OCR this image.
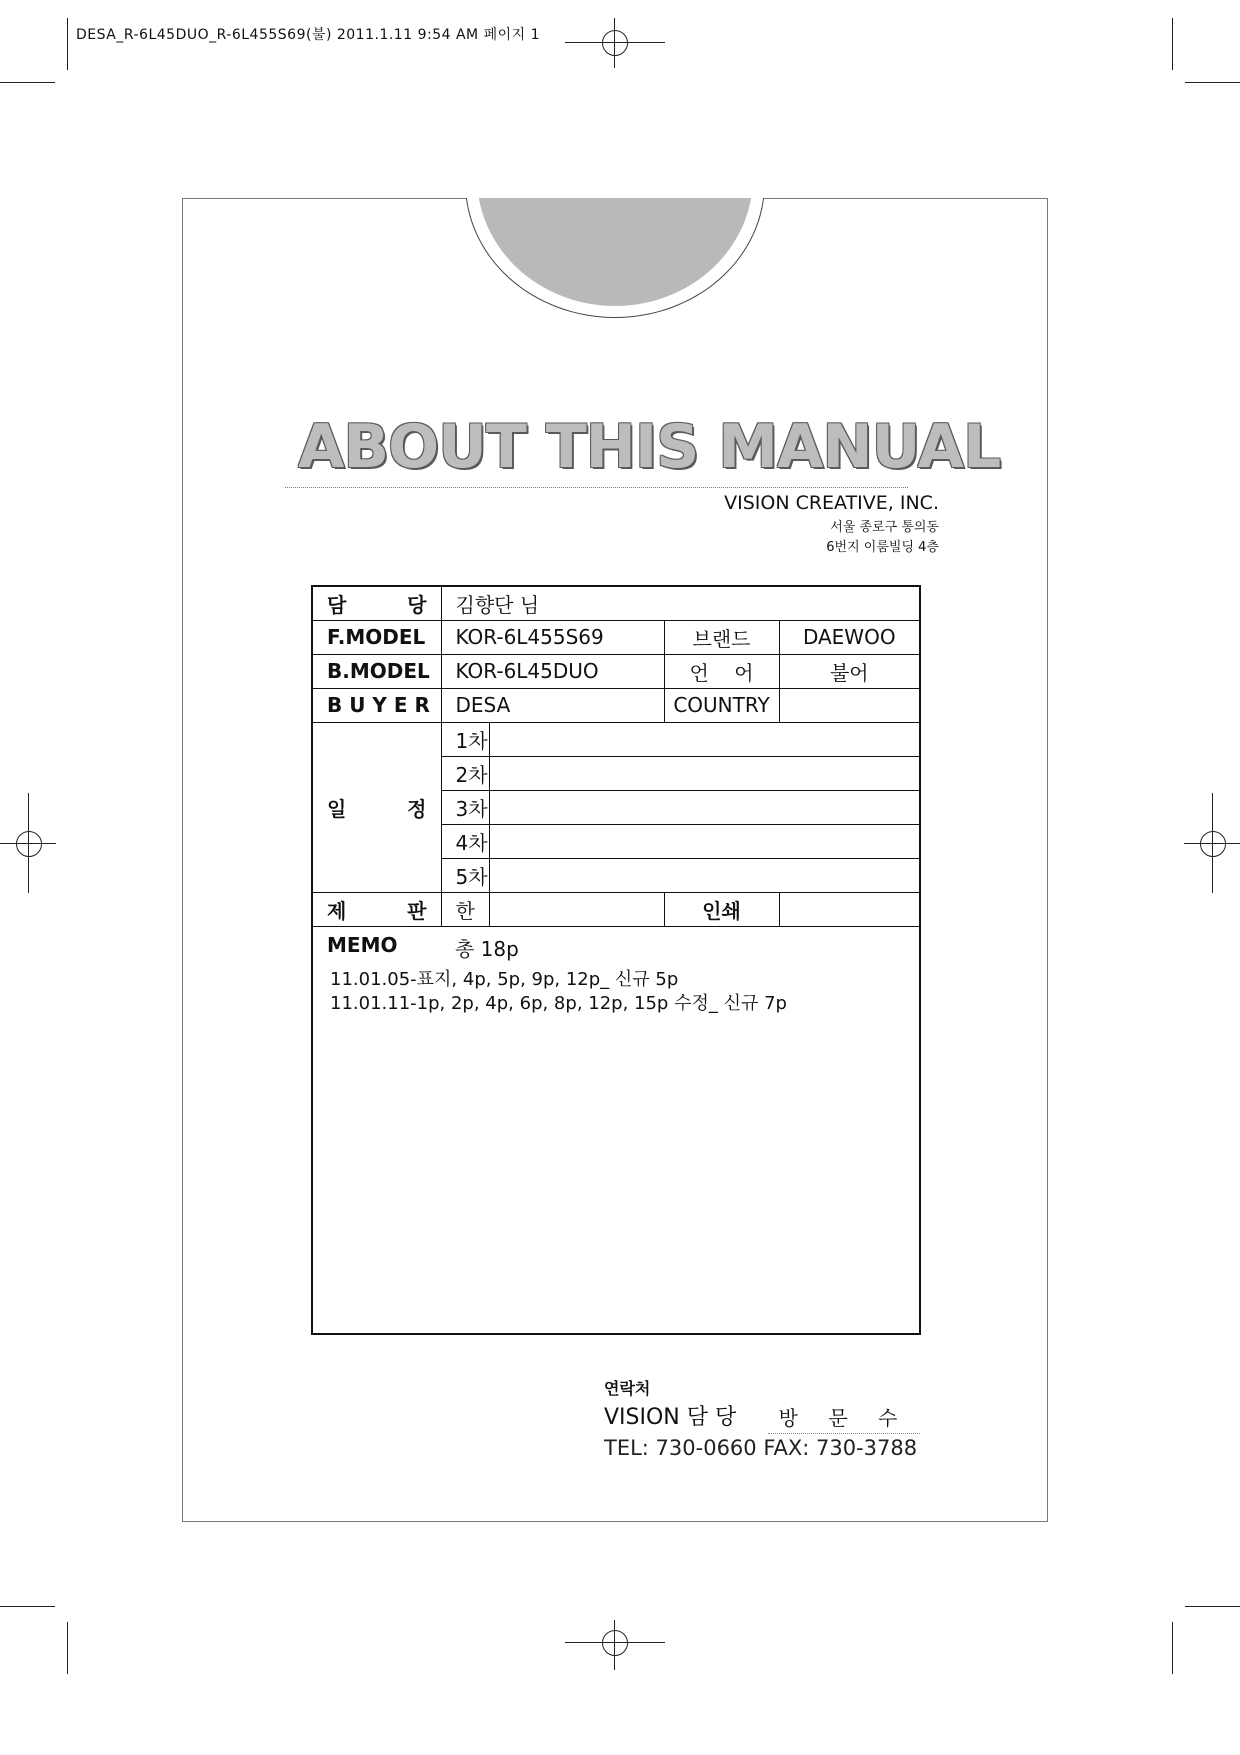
DESA_R-6L45DUO_R-6L455S69(불) 2011.1.11 9:54 AM 페이지 1
ABOUT THIS MANUAL
VISION CREATIVE, INC.
서울 종로구 통의동
6번지 이룸빌딩 4층
담 당	김향단 님			
F.MODEL	KOR-6L455S69		브랜드	DAEWOO
B.MODEL	KOR-6L45DUO		언 어	불어
B U Y E R	DESA		COUNTRY	

일 정	1차			
	2차			
	3차			
	4차			
	5차			

제 판	한		인쇄	

MEMO 총 18p
11.01.05-표지, 4p, 5p, 9p, 12p_ 신규 5p
11.01.11-1p, 2p, 4p, 6p, 8p, 12p, 15p 수정_ 신규 7p				
연락처
VISION 담 당	방 문 수
TEL: 730-0660 FAX: 730-3788
